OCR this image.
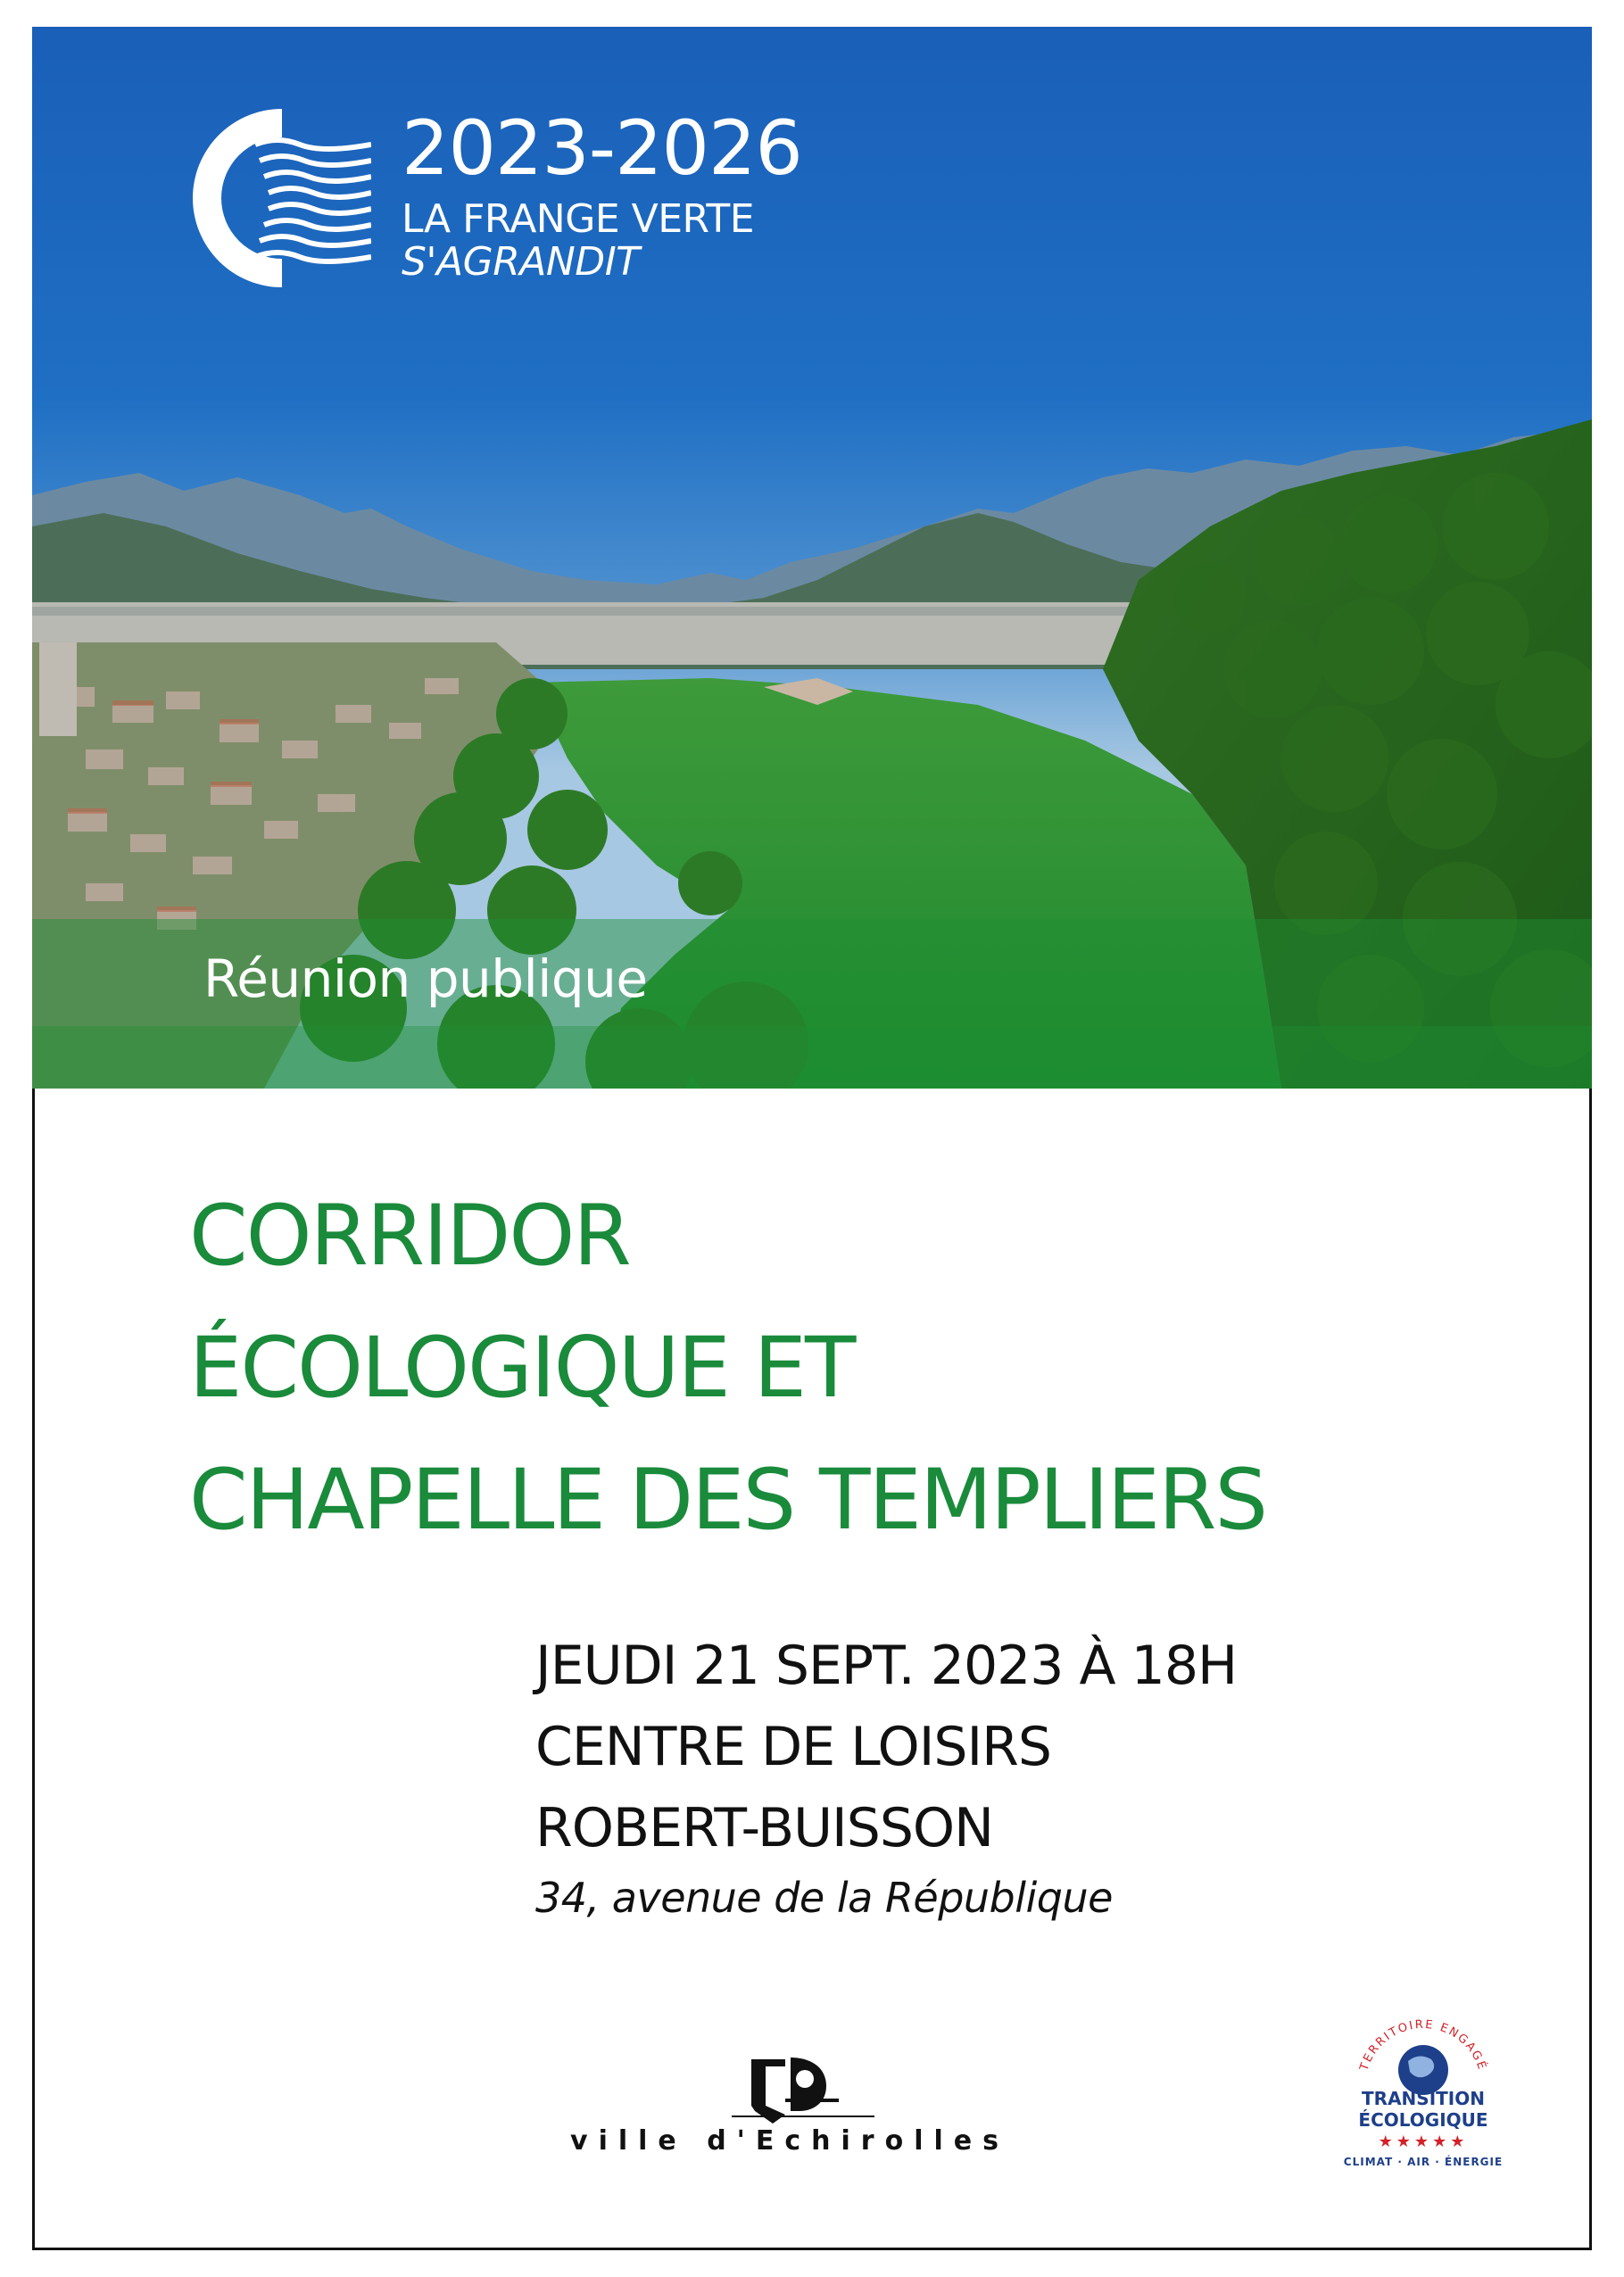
2023-2026
LA FRANGE VERTE
S'AGRANDIT
Réunion publique
CORRIDOR
ÉCOLOGIQUE ET
CHAPELLE DES TEMPLIERS
JEUDI 21 SEPT. 2023 À 18H
CENTRE DE LOISIRS
ROBERT-BUISSON
34, avenue de la République
ville d'Echirolles
TERRITOIRE ENGAGÉ
TRANSITION
ÉCOLOGIQUE
★★★★★
CLIMAT · AIR · ÉNERGIE
